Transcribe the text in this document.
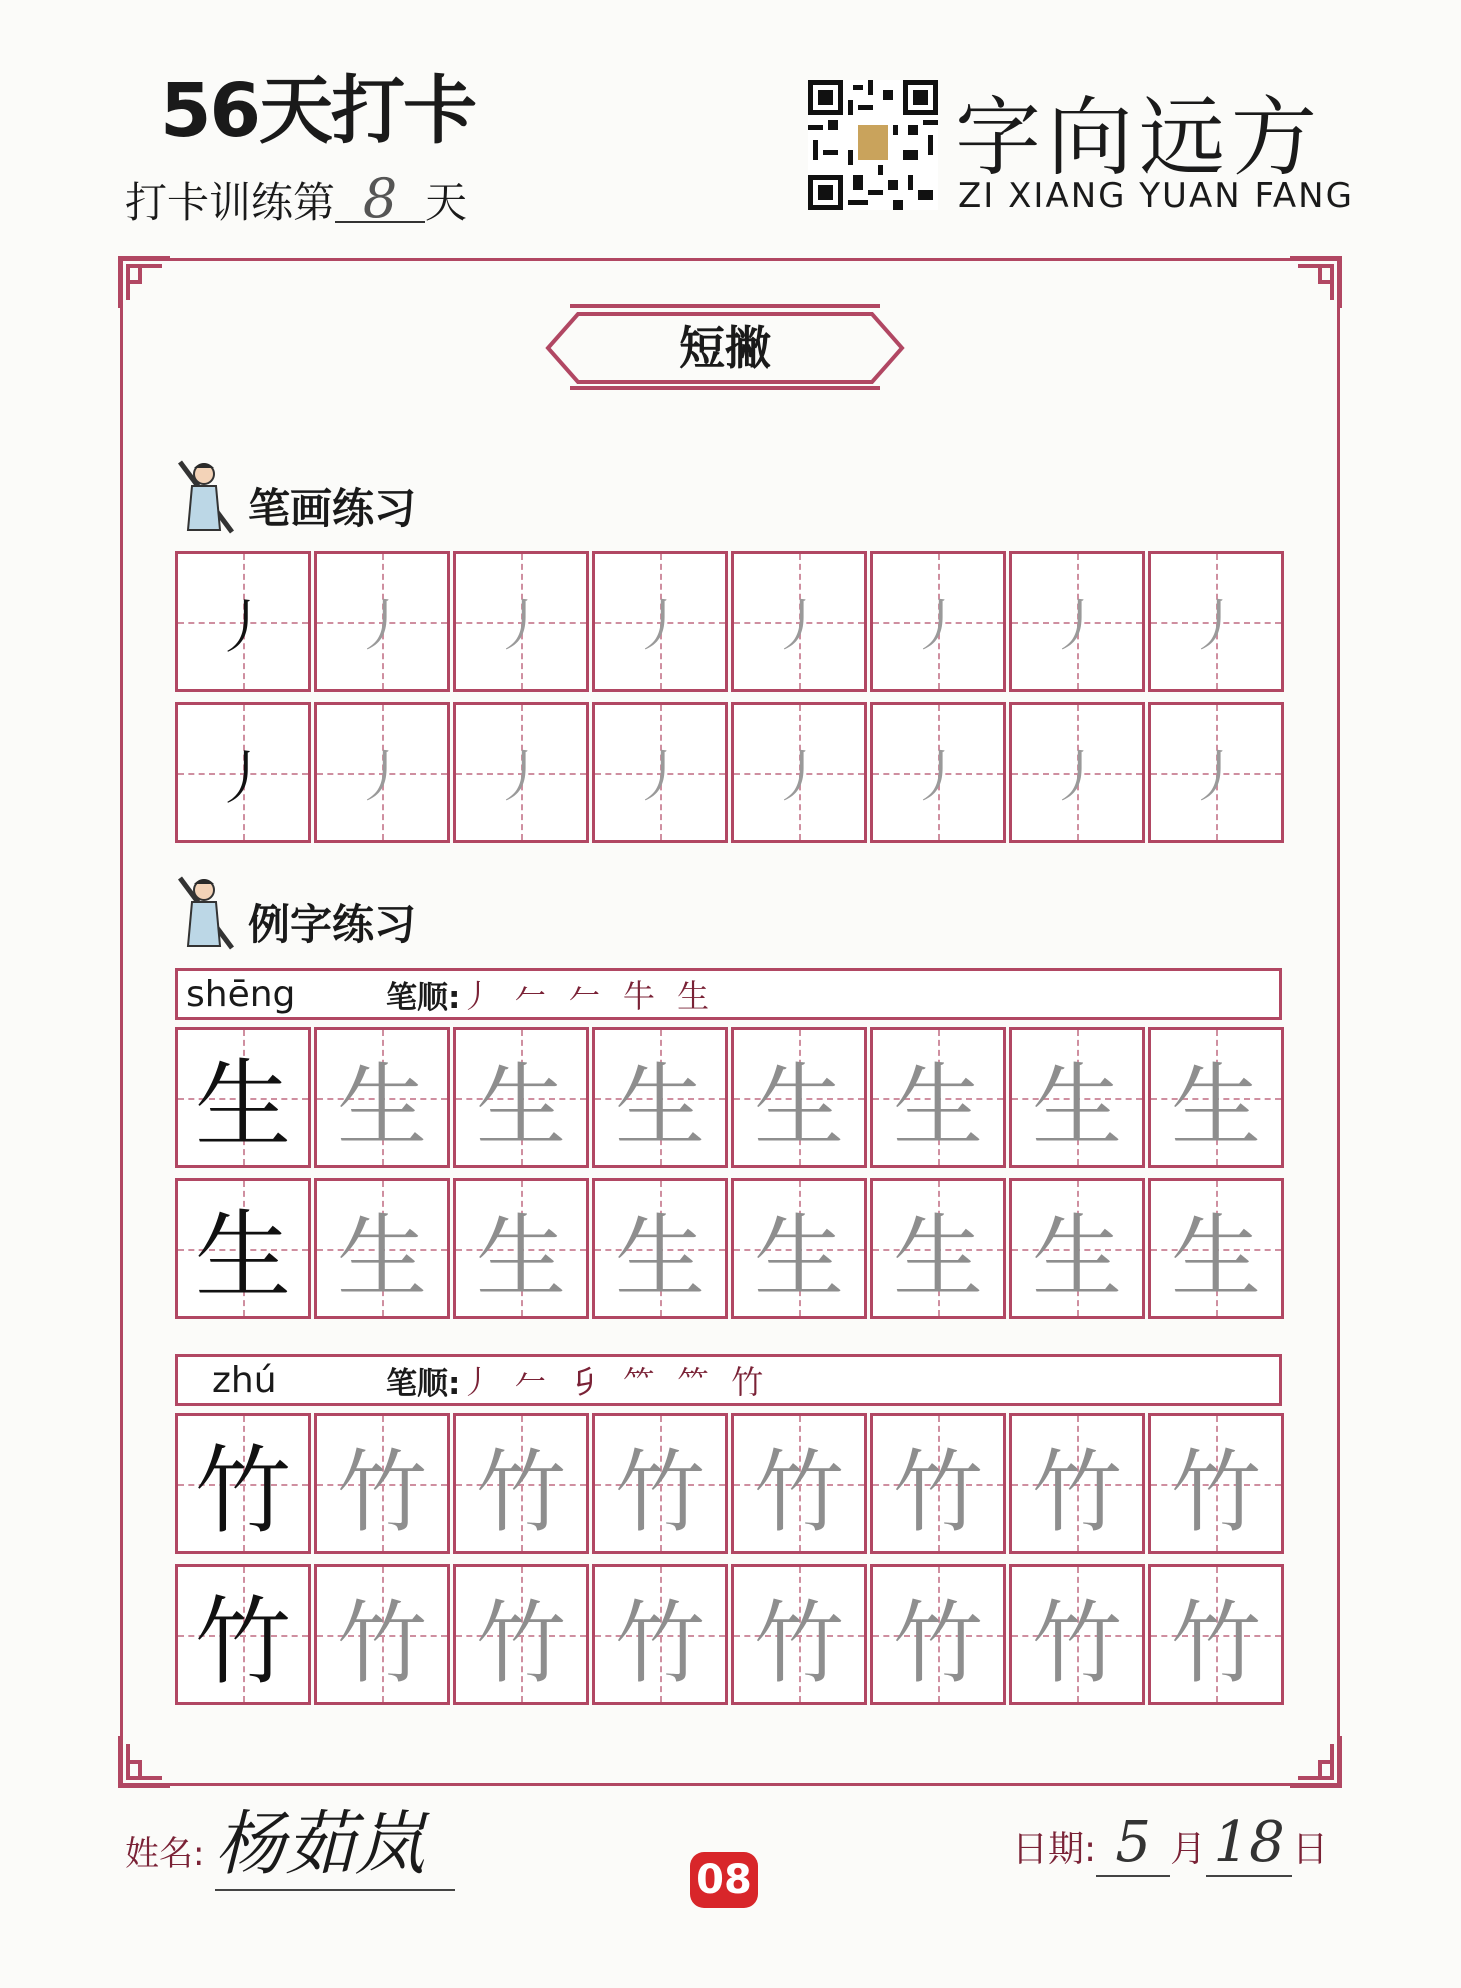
56天打卡
打卡训练第 8 天
字向远方
ZI XIANG YUAN FANG
短撇
笔画练习
丿 丿 丿 丿 丿 丿 丿 丿
丿 丿 丿 丿 丿 丿 丿 丿
例字练习
shēng	笔顺: 丿 𠂉 𠂉 牛 生
生 生 生 生 生 生 生 生
生 生 生 生 生 生 生 生
zhú	笔顺: 丿 𠂉 𠂎 ⺮ ⺮ 竹
竹 竹 竹 竹 竹 竹 竹 竹
竹 竹 竹 竹 竹 竹 竹 竹
姓名: 杨茹岚	08
日期: 5 月 18 日
